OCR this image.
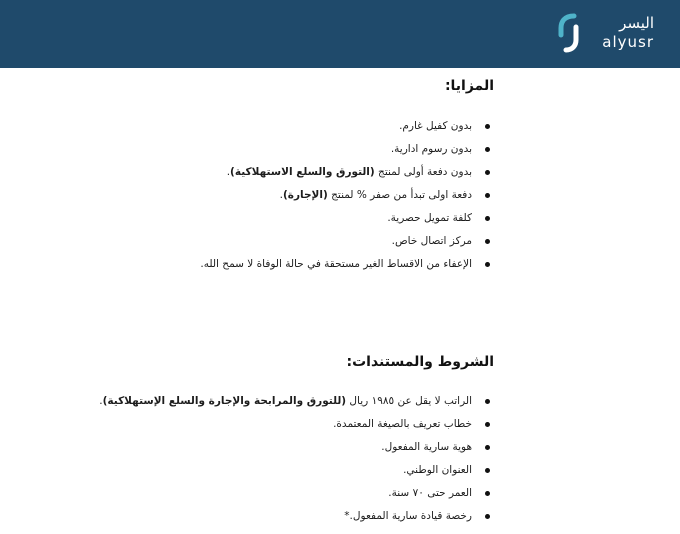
اليسر
alyusr
المزايا:
بدون كفيل غارم.
بدون رسوم ادارية.
بدون دفعة أولى لمنتج (التورق والسلع الاستهلاكية).
دفعة اولى تبدأ من صفر % لمنتج (الإجارة).
كلفة تمويل حصرية.
مركز اتصال خاص.
الإعفاء من الاقساط الغير مستحقة في حالة الوفاة لا سمح الله.
الشروط والمستندات:
الراتب لا يقل عن ١٩٨٥ ريال (للتورق والمرابحة والإجارة والسلع الإستهلاكية).
خطاب تعريف بالصيغة المعتمدة.
هوية سارية المفعول.
العنوان الوطني.
العمر حتى ٧٠ سنة.
رخصة قيادة سارية المفعول.*
